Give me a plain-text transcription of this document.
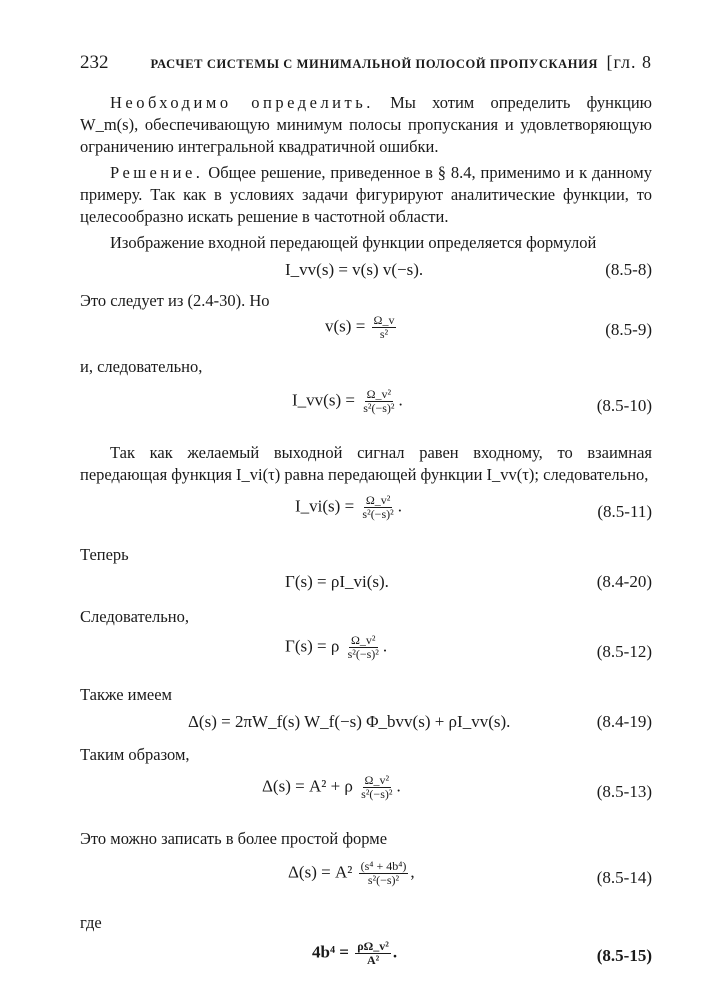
232	РАСЧЕТ СИСТЕМЫ С МИНИМАЛЬНОЙ ПОЛОСОЙ ПРОПУСКАНИЯ [гл. 8

Необходимо определить. Мы хотим определить функцию W_m(s), обеспечивающую минимум полосы пропускания и удовлетворяющую ограничению интегральной квадратичной ошибки.

Решение. Общее решение, приведенное в § 8.4, применимо и к данному примеру. Так как в условиях задачи фигурируют аналитические функции, то целесообразно искать решение в частотной области.

Изображение входной передающей функции определяется формулой

I_vv(s) = v(s) v(−s).	(8.5-8)

Это следует из (2.4-30). Но

$v(s) = \frac{\Omega\_v}{\text{s²}}$	(8.5-9)

и, следовательно,

I_vv(s) = $\frac{\text{Ω\_v²}}{\text{s²(−s)²}}$ .	(8.5-10)

Так как желаемый выходной сигнал равен входному, то взаимная передающая функция I_vi(τ) равна передающей функции I_vv(τ); следовательно,

I_vi(s) = $\frac{\text{Ω\_v²}}{\text{s²(−s)²}}$ .	(8.5-11)

Теперь

Γ(s) = ρI_vi(s).	(8.4-20)

Следовательно,

Γ(s) = ρ $\frac{\text{Ω\_v²}}{\text{s²(−s)²}}$ .	(8.5-12)

Также имеем

Δ(s) = 2πW_f(s) W_f(−s) Φ_bvv(s) + ρI_vv(s).	(8.4-19)

Таким образом,

Δ(s) = A² + ρ $\frac{\text{Ω\_v²}}{\text{s²(−s)²}}$ .	(8.5-13)

Это можно записать в более простой форме

$\Delta(s) = A^2 \frac{\text{(s⁴ + 4b⁴)}}{\text{s²(−s)²}}$ ,	(8.5-14)

где

$4b^4 = \frac{\text{ρΩ\_v²}}{\text{A²}}$ .	(8.5-15)
